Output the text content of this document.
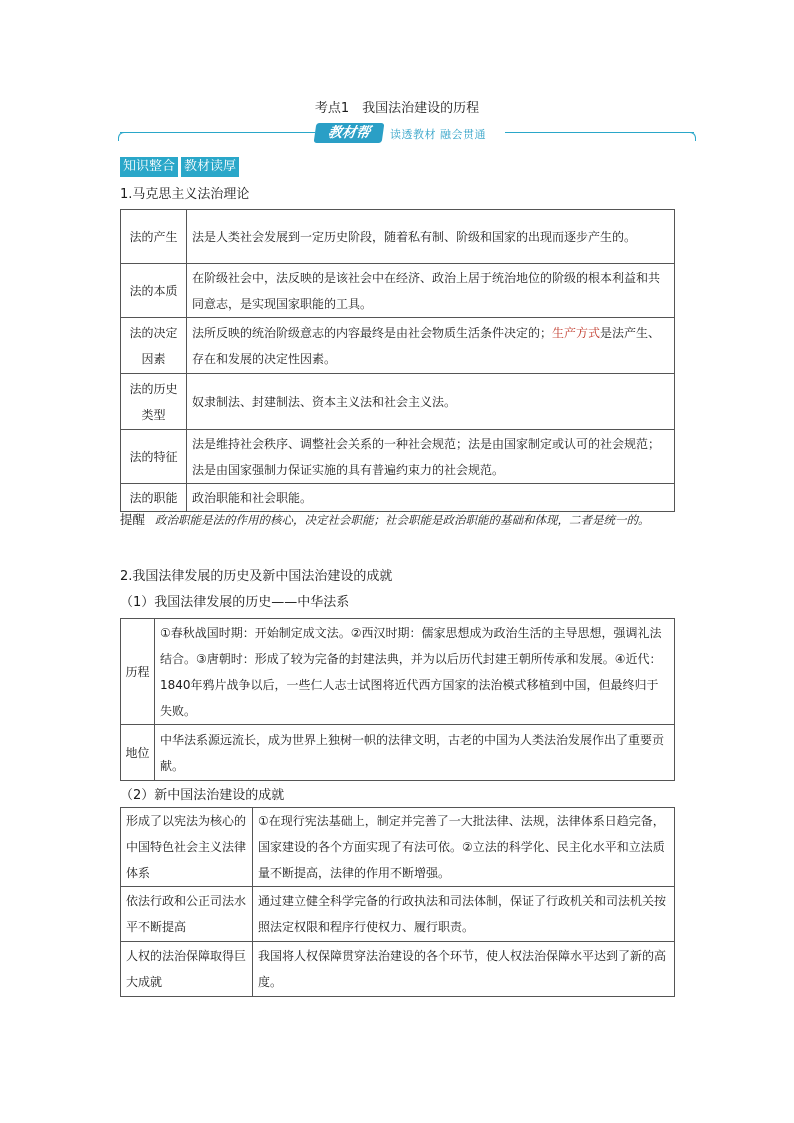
考点1　我国法治建设的历程
教材帮	读透教材 融会贯通
知识整合 教材读厚
1.马克思主义法治理论
法的产生	法是人类社会发展到一定历史阶段，随着私有制、阶级和国家的出现而逐步产生的。
法的本质	在阶级社会中，法反映的是该社会中在经济、政治上居于统治地位的阶级的根本利益和共同意志，是实现国家职能的工具。
法的决定因素	法所反映的统治阶级意志的内容最终是由社会物质生活条件决定的；生产方式是法产生、存在和发展的决定性因素。
法的历史类型	奴隶制法、封建制法、资本主义法和社会主义法。
法的特征	法是维持社会秩序、调整社会关系的一种社会规范；法是由国家制定或认可的社会规范；法是由国家强制力保证实施的具有普遍约束力的社会规范。
法的职能	政治职能和社会职能。
提醒 政治职能是法的作用的核心，决定社会职能；社会职能是政治职能的基础和体现，二者是统一的。
2.我国法律发展的历史及新中国法治建设的成就
（1）我国法律发展的历史——中华法系
历程	①春秋战国时期：开始制定成文法。②西汉时期：儒家思想成为政治生活的主导思想，强调礼法结合。③唐朝时：形成了较为完备的封建法典，并为以后历代封建王朝所传承和发展。④近代：1840年鸦片战争以后，一些仁人志士试图将近代西方国家的法治模式移植到中国，但最终归于失败。
地位	中华法系源远流长，成为世界上独树一帜的法律文明，古老的中国为人类法治发展作出了重要贡献。
（2）新中国法治建设的成就
形成了以宪法为核心的中国特色社会主义法律体系	①在现行宪法基础上，制定并完善了一大批法律、法规，法律体系日趋完备，国家建设的各个方面实现了有法可依。②立法的科学化、民主化水平和立法质量不断提高，法律的作用不断增强。
依法行政和公正司法水平不断提高	通过建立健全科学完备的行政执法和司法体制，保证了行政机关和司法机关按照法定权限和程序行使权力、履行职责。
人权的法治保障取得巨大成就	我国将人权保障贯穿法治建设的各个环节，使人权法治保障水平达到了新的高度。
